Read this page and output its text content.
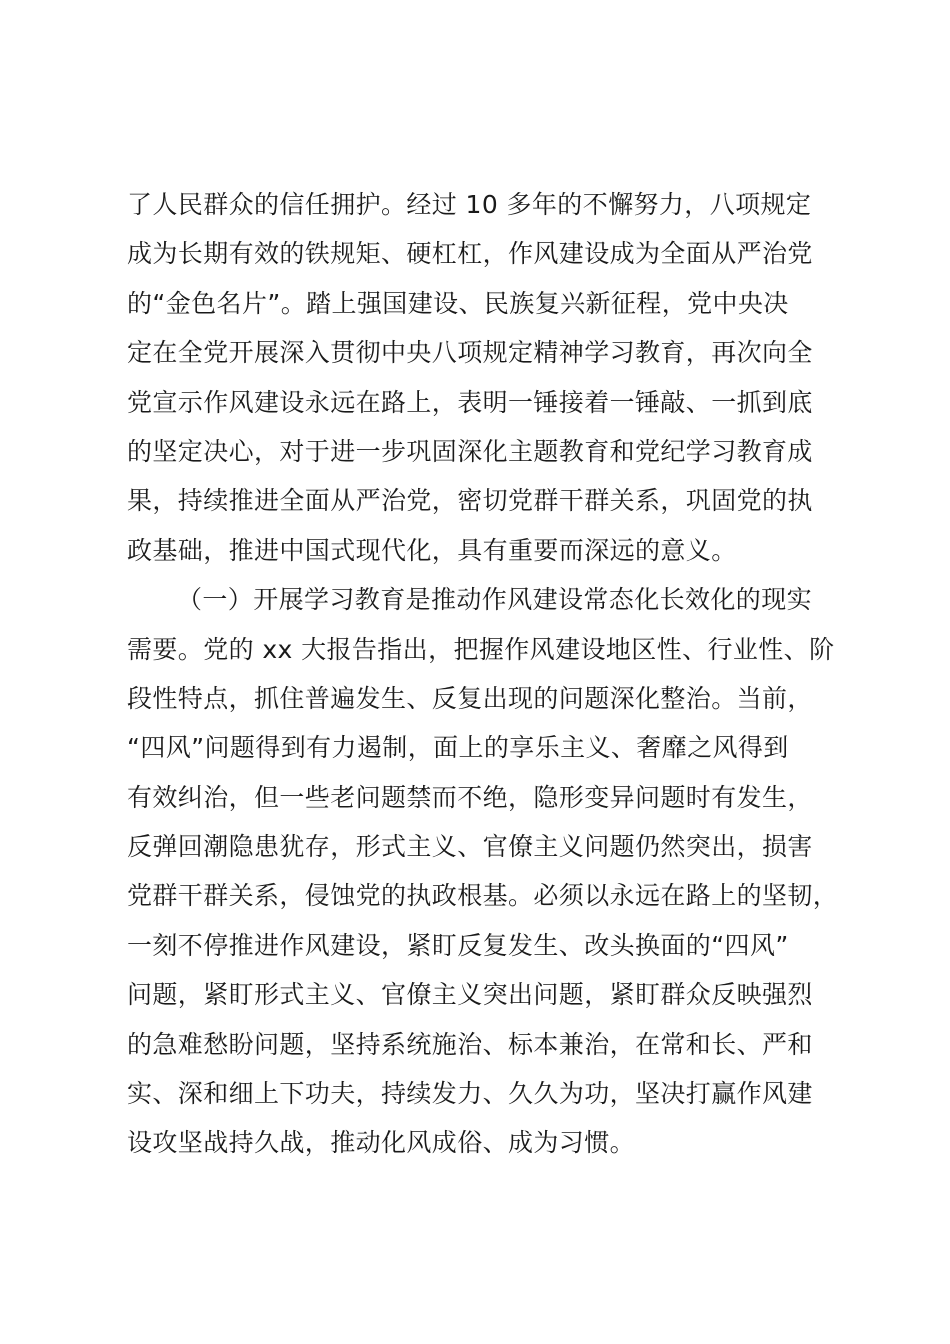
了人民群众的信任拥护。经过 10 多年的不懈努力，八项规定
成为长期有效的铁规矩、硬杠杠，作风建设成为全面从严治党
的“金色名片”。踏上强国建设、民族复兴新征程，党中央决
定在全党开展深入贯彻中央八项规定精神学习教育，再次向全
党宣示作风建设永远在路上，表明一锤接着一锤敲、一抓到底
的坚定决心，对于进一步巩固深化主题教育和党纪学习教育成
果，持续推进全面从严治党，密切党群干群关系，巩固党的执
政基础，推进中国式现代化，具有重要而深远的意义。
（一）开展学习教育是推动作风建设常态化长效化的现实
需要。党的 xx 大报告指出，把握作风建设地区性、行业性、阶
段性特点，抓住普遍发生、反复出现的问题深化整治。当前，
“四风”问题得到有力遏制，面上的享乐主义、奢靡之风得到
有效纠治，但一些老问题禁而不绝，隐形变异问题时有发生，
反弹回潮隐患犹存，形式主义、官僚主义问题仍然突出，损害
党群干群关系，侵蚀党的执政根基。必须以永远在路上的坚韧，
一刻不停推进作风建设，紧盯反复发生、改头换面的“四风”
问题，紧盯形式主义、官僚主义突出问题，紧盯群众反映强烈
的急难愁盼问题，坚持系统施治、标本兼治，在常和长、严和
实、深和细上下功夫，持续发力、久久为功，坚决打赢作风建
设攻坚战持久战，推动化风成俗、成为习惯。
